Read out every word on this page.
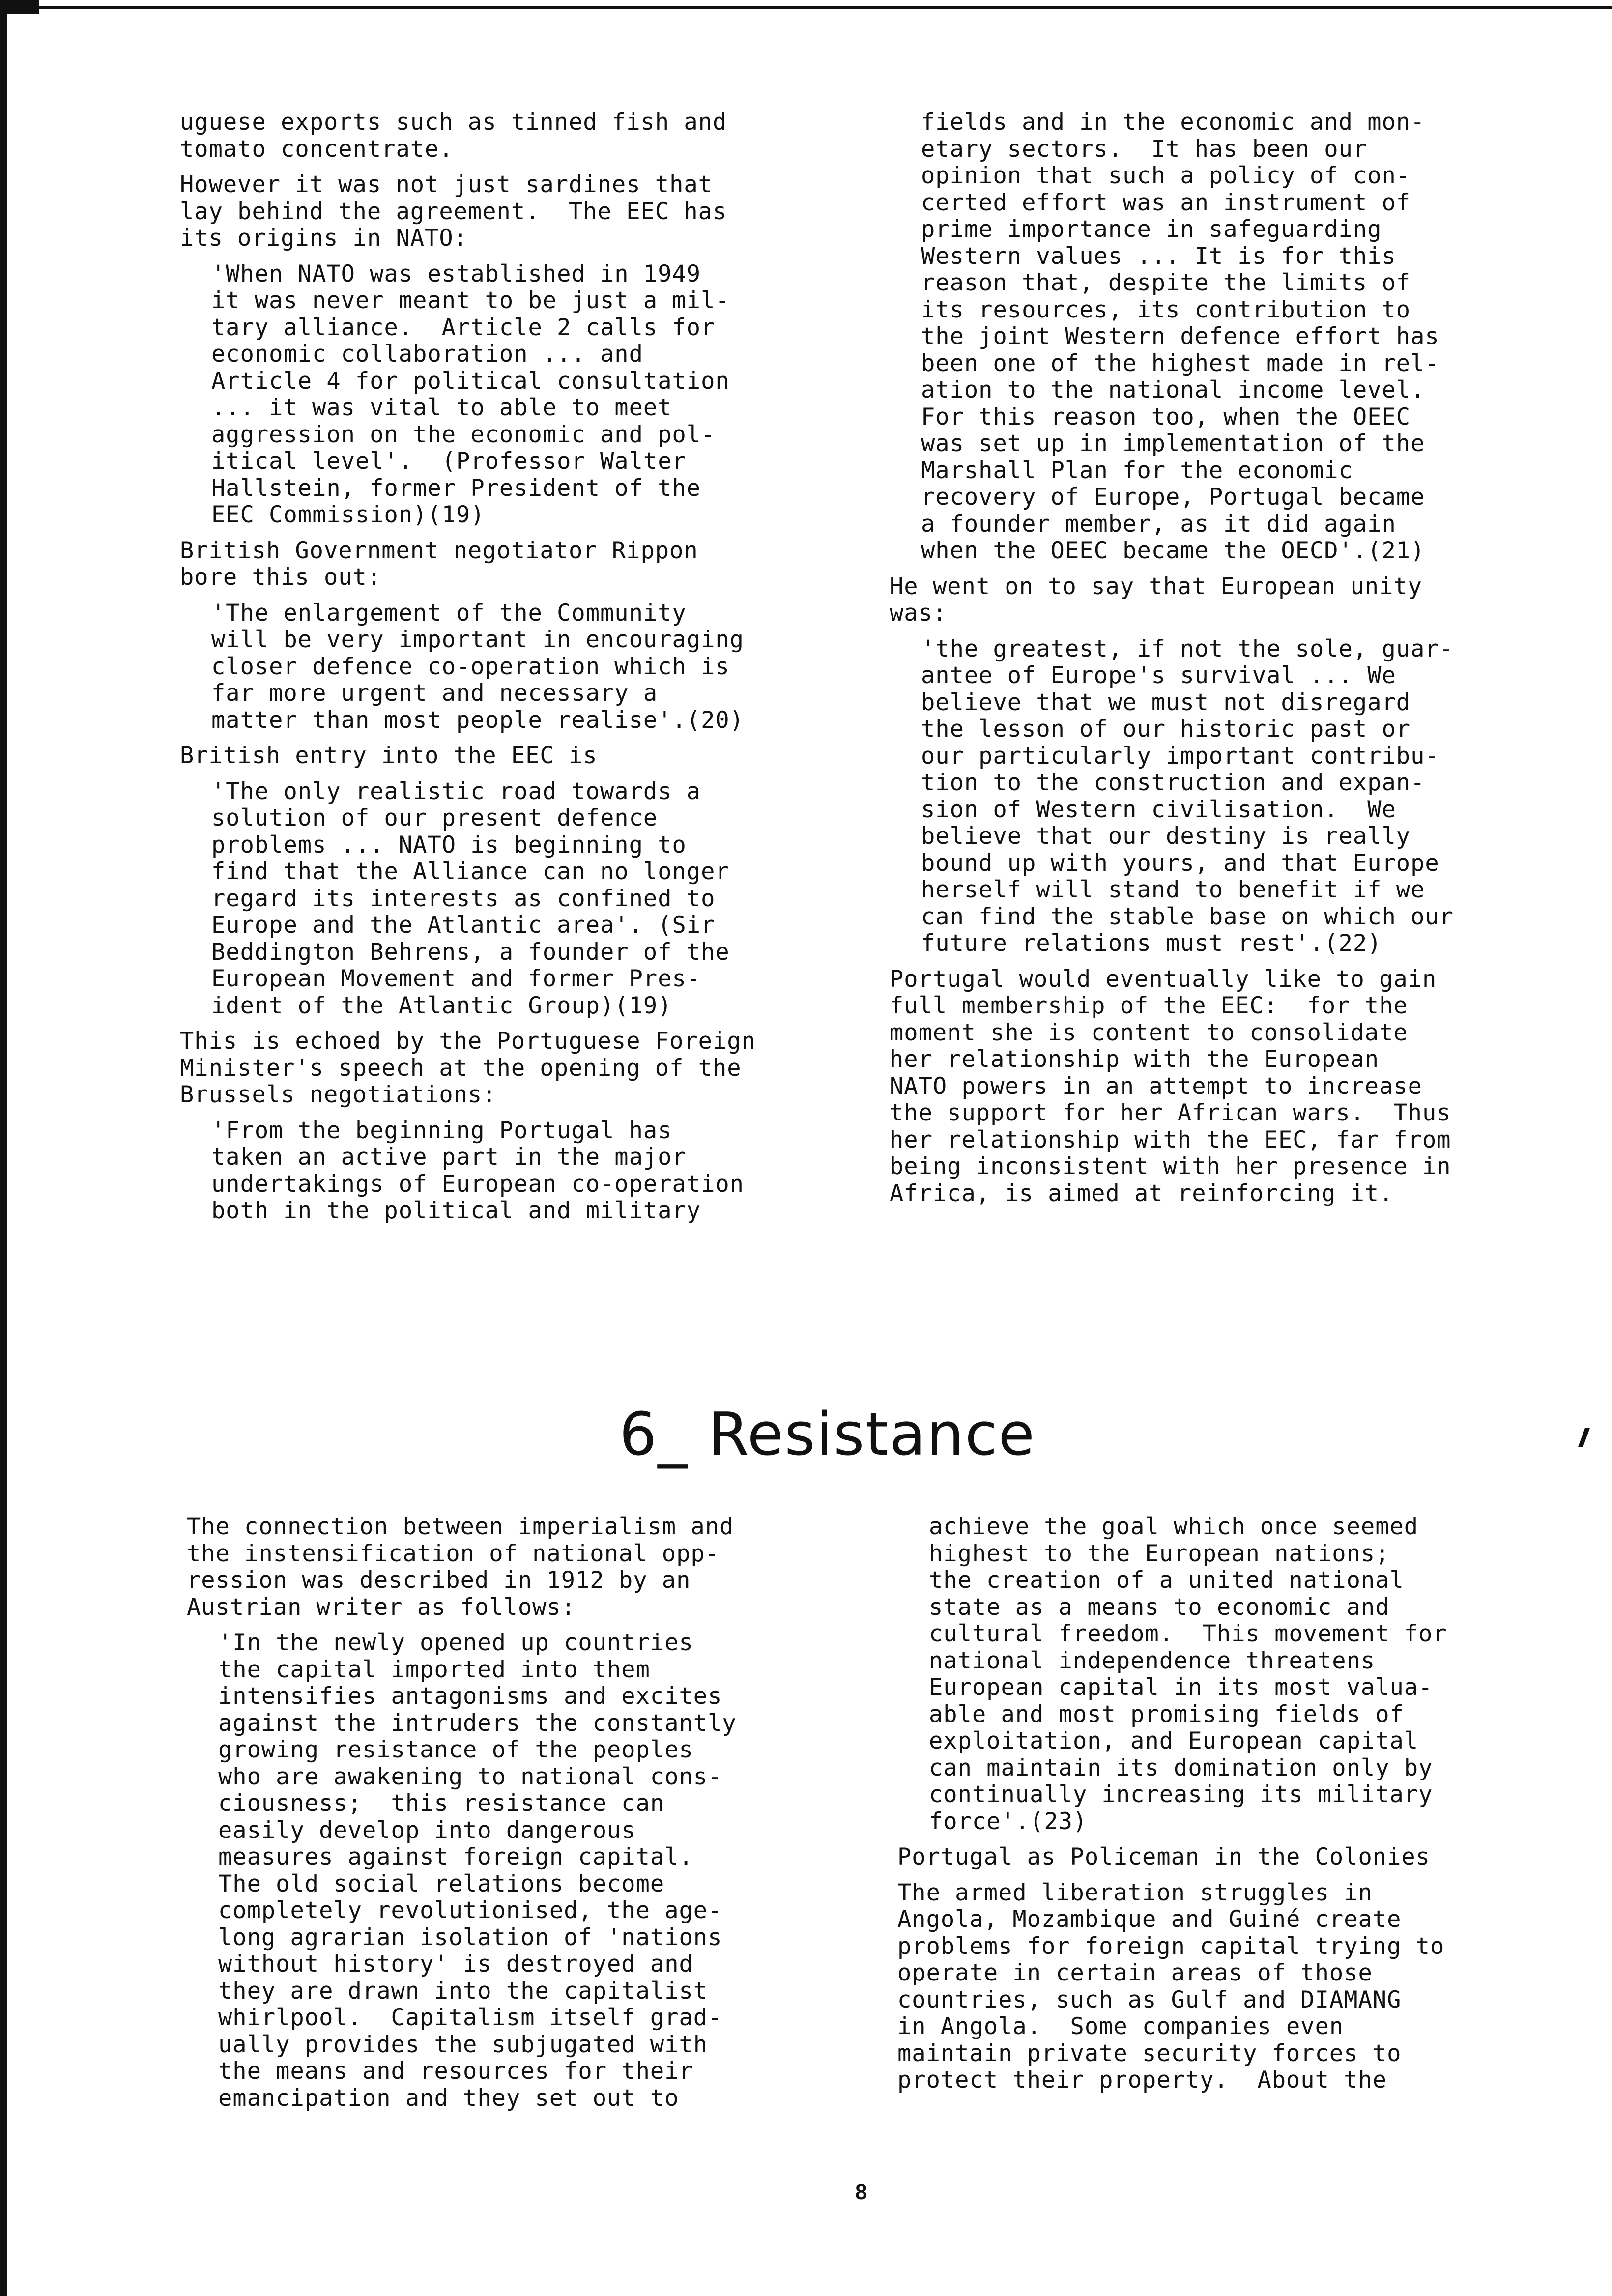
uguese exports such as tinned fish and
tomato concentrate.
However it was not just sardines that
lay behind the agreement.  The EEC has
its origins in NATO:
'When NATO was established in 1949
it was never meant to be just a mil-
tary alliance.  Article 2 calls for
economic collaboration ... and
Article 4 for political consultation
... it was vital to able to meet
aggression on the economic and pol-
itical level'.  (Professor Walter
Hallstein, former President of the
EEC Commission)(19)
British Government negotiator Rippon
bore this out:
'The enlargement of the Community
will be very important in encouraging
closer defence co-operation which is
far more urgent and necessary a
matter than most people realise'.(20)
British entry into the EEC is
'The only realistic road towards a
solution of our present defence
problems ... NATO is beginning to
find that the Alliance can no longer
regard its interests as confined to
Europe and the Atlantic area'. (Sir
Beddington Behrens, a founder of the
European Movement and former Pres-
ident of the Atlantic Group)(19)
This is echoed by the Portuguese Foreign
Minister's speech at the opening of the
Brussels negotiations:
'From the beginning Portugal has
taken an active part in the major
undertakings of European co-operation
both in the political and military
fields and in the economic and mon-
etary sectors.  It has been our
opinion that such a policy of con-
certed effort was an instrument of
prime importance in safeguarding
Western values ... It is for this
reason that, despite the limits of
its resources, its contribution to
the joint Western defence effort has
been one of the highest made in rel-
ation to the national income level.
For this reason too, when the OEEC
was set up in implementation of the
Marshall Plan for the economic
recovery of Europe, Portugal became
a founder member, as it did again
when the OEEC became the OECD'.(21)
He went on to say that European unity
was:
'the greatest, if not the sole, guar-
antee of Europe's survival ... We
believe that we must not disregard
the lesson of our historic past or
our particularly important contribu-
tion to the construction and expan-
sion of Western civilisation.  We
believe that our destiny is really
bound up with yours, and that Europe
herself will stand to benefit if we
can find the stable base on which our
future relations must rest'.(22)
Portugal would eventually like to gain
full membership of the EEC:  for the
moment she is content to consolidate
her relationship with the European
NATO powers in an attempt to increase
the support for her African wars.  Thus
her relationship with the EEC, far from
being inconsistent with her presence in
Africa, is aimed at reinforcing it.
6_ Resistance
The connection between imperialism and
the instensification of national opp-
ression was described in 1912 by an
Austrian writer as follows:
'In the newly opened up countries
the capital imported into them
intensifies antagonisms and excites
against the intruders the constantly
growing resistance of the peoples
who are awakening to national cons-
ciousness;  this resistance can
easily develop into dangerous
measures against foreign capital.
The old social relations become
completely revolutionised, the age-
long agrarian isolation of 'nations
without history' is destroyed and
they are drawn into the capitalist
whirlpool.  Capitalism itself grad-
ually provides the subjugated with
the means and resources for their
emancipation and they set out to
achieve the goal which once seemed
highest to the European nations;
the creation of a united national
state as a means to economic and
cultural freedom.  This movement for
national independence threatens
European capital in its most valua-
able and most promising fields of
exploitation, and European capital
can maintain its domination only by
continually increasing its military
force'.(23)
Portugal as Policeman in the Colonies
The armed liberation struggles in
Angola, Mozambique and Guiné create
problems for foreign capital trying to
operate in certain areas of those
countries, such as Gulf and DIAMANG
in Angola.  Some companies even
maintain private security forces to
protect their property.  About the
8
